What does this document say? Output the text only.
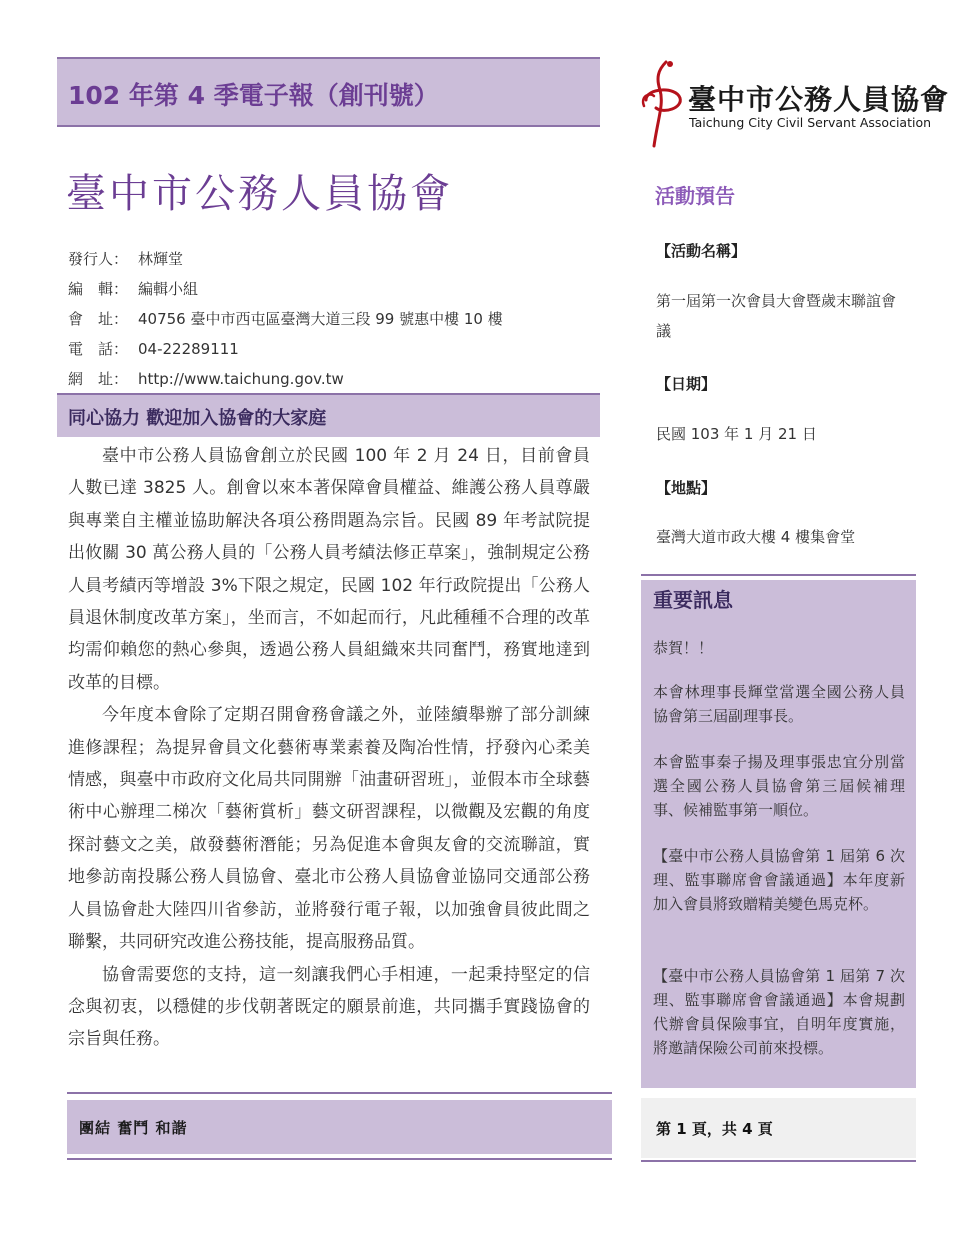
102 年第 4 季電子報（創刊號）	臺中市公務人員協會
Taichung City Civil Servant Association
臺中市公務人員協會
發行人： 林輝堂
編　輯： 編輯小組
會　址： 40756 臺中市西屯區臺灣大道三段 99 號惠中樓 10 樓
電　話： 04-22289111
網　址： http://www.taichung.gov.tw
同心協力 歡迎加入協會的大家庭

臺中市公務人員協會創立於民國 100 年 2 月 24 日，目前會員人數已達 3825 人。創會以來本著保障會員權益、維護公務人員尊嚴與專業自主權並協助解決各項公務問題為宗旨。民國 89 年考試院提出攸關 30 萬公務人員的「公務人員考績法修正草案」，強制規定公務人員考績丙等增設 3%下限之規定，民國 102 年行政院提出「公務人員退休制度改革方案」，坐而言，不如起而行，凡此種種不合理的改革均需仰賴您的熱心參與，透過公務人員組織來共同奮鬥，務實地達到改革的目標。

今年度本會除了定期召開會務會議之外，並陸續舉辦了部分訓練進修課程；為提昇會員文化藝術專業素養及陶冶性情，抒發內心柔美情感，與臺中市政府文化局共同開辦「油畫研習班」，並假本市全球藝術中心辦理二梯次「藝術賞析」藝文研習課程，以微觀及宏觀的角度探討藝文之美，啟發藝術潛能；另為促進本會與友會的交流聯誼，實地參訪南投縣公務人員協會、臺北市公務人員協會並協同交通部公務人員協會赴大陸四川省參訪，並將發行電子報，以加強會員彼此間之聯繫，共同研究改進公務技能，提高服務品質。

協會需要您的支持，這一刻讓我們心手相連，一起秉持堅定的信念與初衷，以穩健的步伐朝著既定的願景前進，共同攜手實踐協會的宗旨與任務。

團結 奮鬥 和諧
活動預告
【活動名稱】
第一屆第一次會員大會暨歲末聯誼會議
【日期】
民國 103 年 1 月 21 日
【地點】
臺灣大道市政大樓 4 樓集會堂
重要訊息
恭賀！！
本會林理事長輝堂當選全國公務人員協會第三屆副理事長。
本會監事秦子揚及理事張忠宜分別當選全國公務人員協會第三屆候補理事、候補監事第一順位。
【臺中市公務人員協會第 1 屆第 6 次理、監事聯席會會議通過】本年度新加入會員將致贈精美變色馬克杯。
【臺中市公務人員協會第 1 屆第 7 次理、監事聯席會會議通過】本會規劃代辦會員保險事宜，自明年度實施，將邀請保險公司前來投標。
第 1 頁，共 4 頁
